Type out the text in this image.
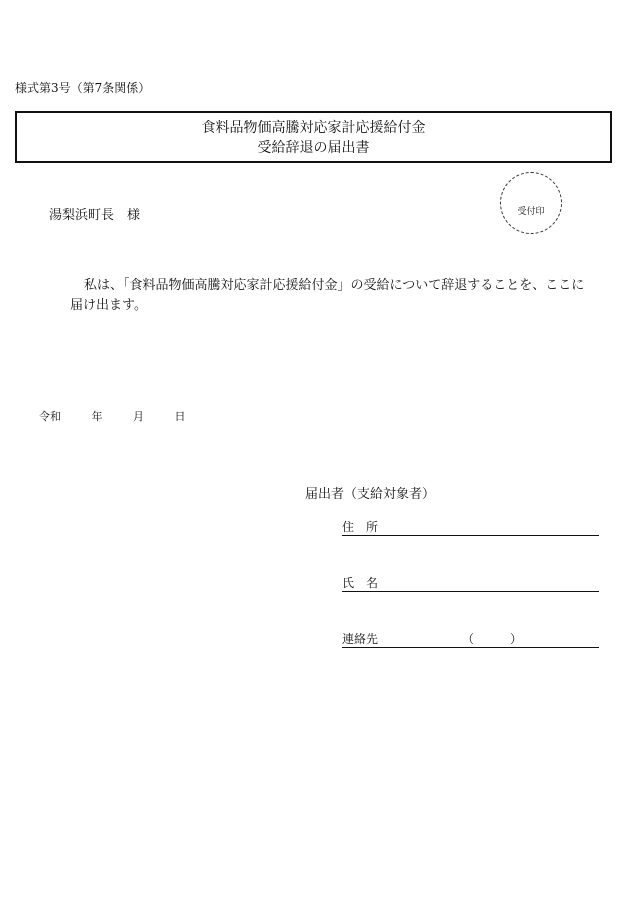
様式第3号（第7条関係）
食料品物価高騰対応家計応援給付金
受給辞退の届出書
湯梨浜町長　様	受付印
私は、「食料品物価高騰対応家計応援給付金」の受給について辞退することを、ここに届け出ます。
令和	年	月	日
届出者（支給対象者）
住　所
氏　名
連絡先	（	）
